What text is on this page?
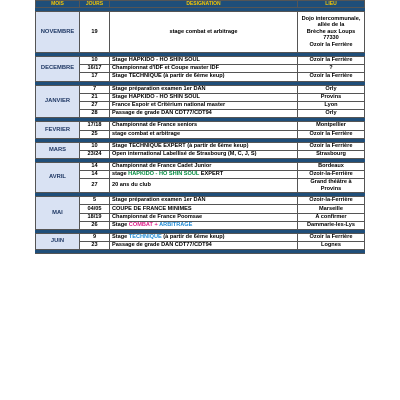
MOIS	JOURS	DESIGNATION	LIEU

NOVEMBRE	19	stage combat et arbitrage	Dojo intercommunale,
allée de la
Brèche aux Loups 77330
Ozoir la Ferrière

DECEMBRE	10	Stage HAPKIDO - HO SHIN SOUL	Ozoir la Ferrière
	16/17	Championnat d'IDF et Coupe master IDF	?
	17	Stage TECHNIQUE (à partir de 6ème keup)	Ozoir la Ferrière

JANVIER	7	Stage préparation examen 1er DAN	Orly
	21	Stage HAPKIDO - HO SHIN SOUL	Provins
	27	France Espoir et Critérium national master	Lyon
	28	Passage de grade DAN CDT77/CDT94	Orly

FEVRIER	17/18	Championnat de France seniors	Montpellier
	25	stage combat et arbitrage	Ozoir la Ferrière

MARS	10	Stage TECHNIQUE EXPERT (à partir de 6ème keup)	Ozoir la Ferrière
	23/24	Open international Labellisé de Strasbourg (M, C, J, S)	Strasbourg

AVRIL	14	Championnat de France Cadet Junior	Bordeaux
	14	stage HAPKIDO - HO SHIN SOUL EXPERT	Ozoir-la-Ferrière
	27	20 ans du club	Grand théâtre à
Provins

MAI	5	Stage préparation examen 1er DAN	Ozoir-la-Ferrière
	04/05	COUPE DE FRANCE MINIMES	Marseille
	18/19	Championnat de France Poomsae	A confirmer
	26	Stage COMBAT + ARBITRAGE	Dammarie-les-Lys

JUIN	9	Stage TECHNIQUE (à partir de 6ème keup)	Ozoir la Ferrière
	23	Passage de grade DAN CDT77/CDT94	Lognes
